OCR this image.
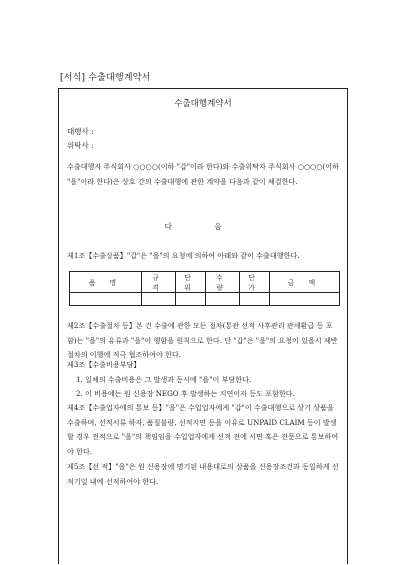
[서식] 수출대행계약서
수출대행계약서
대행사 :
위탁사 :
수출대행자 주식회사 ○○○○(이하 "갑"이라 한다)와 수출위탁자 주식회사 ○○○○(이하 "을"이라 한다)은 상호 간의 수출대행에 관한 계약을 다음과 같이 체결한다.
다 음
제1조【수출상품】"갑"은 "을"의 요청에 의하여 아래와 같이 수출대행한다.
품 명	규 격	단 위	수 량	단 가	금 액

제2조【수출절차 등】본 건 수출에 관한 모든 절차(통관 선적 사후관리 관세환급 등 포함)는 "을"의 유류과 "을"이 행함을 원칙으로 한다. 단 "갑"은 "을"의 요청이 있을시 제반절차의 이행에 적극 협조하여야 한다.
제3조【수출비용부담】
1. 일체의 수출비용은 그 발생과 동시에 "을"이 부담한다.
2. 이 비용에는 원 신용장 NEGO 후 발생하는 지연이자 등도 포함한다.
제4조【수출업자에의 통보 등】"을"은 수입업자에게 "갑"이 수출대행으로 상기 상품을 수출하며, 선적서류 하자, 품질불량, 선적지연 등을 이유로 UNPAID CLAIM 등이 발생할 경우 전적으로 "을"의 책임임을 수입업자에게 선적 전에 서면 혹은 전문으로 통보하여야 한다.
제5조【선 적】"을"은 원 신용장에 명기된 내용대로의 상품을 신용장조건과 동일하게 선적기일 내에 선적하여야 한다.
